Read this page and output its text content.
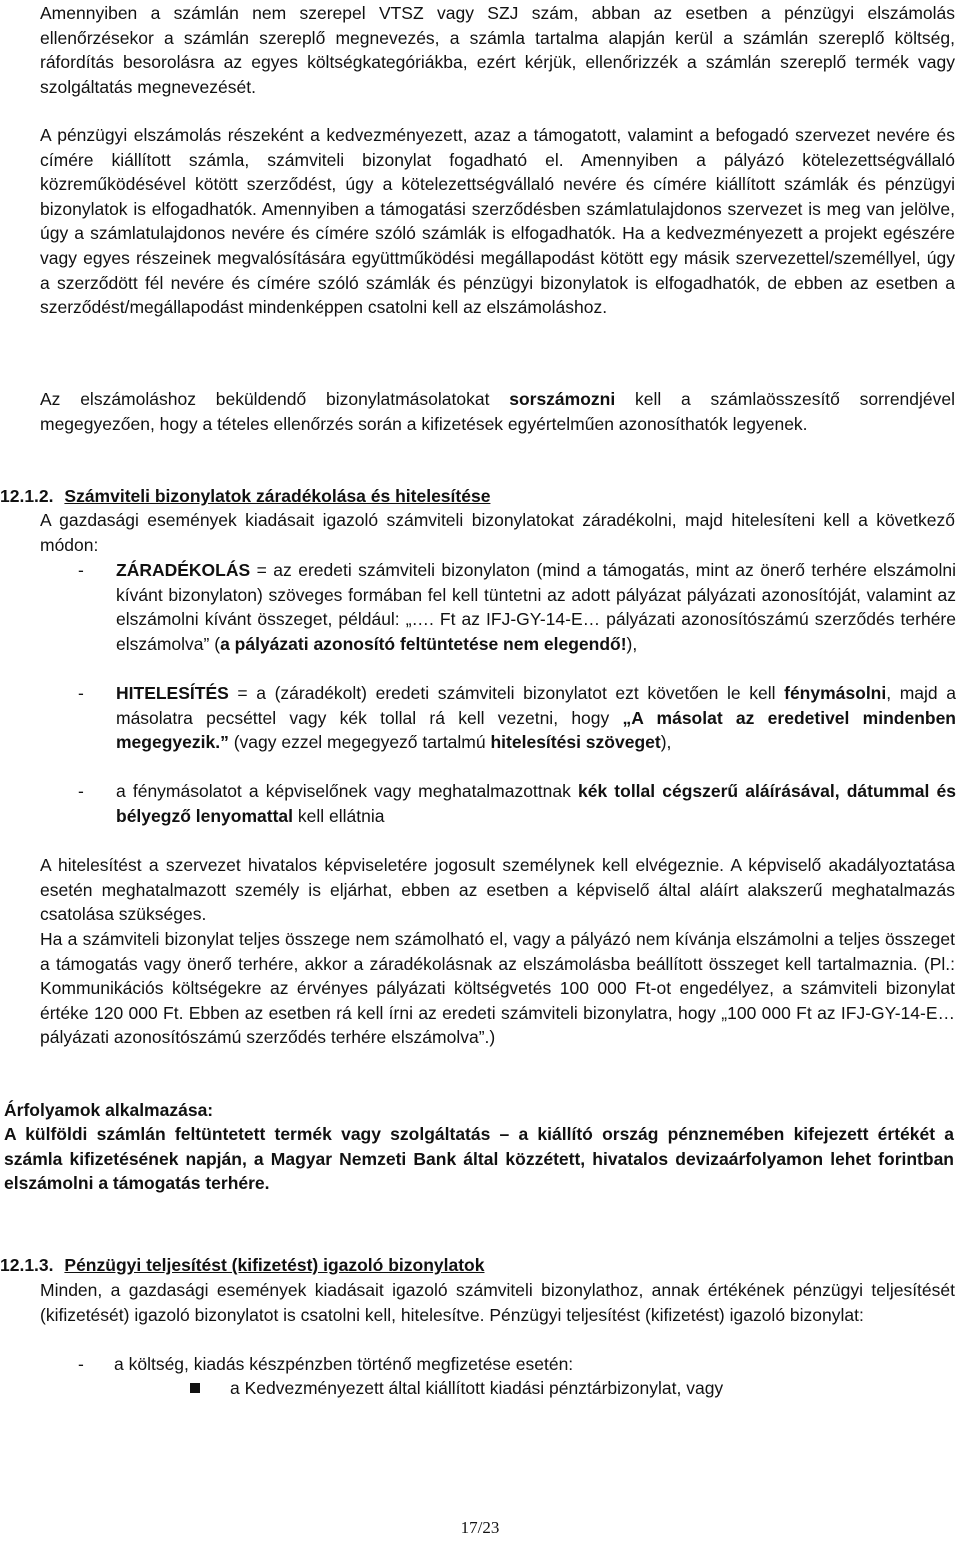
Amennyiben a számlán nem szerepel VTSZ vagy SZJ szám, abban az esetben a pénzügyi elszámolás ellenőrzésekor a számlán szereplő megnevezés, a számla tartalma alapján kerül a számlán szereplő költség, ráfordítás besorolásra az egyes költségkategóriákba, ezért kérjük, ellenőrizzék a számlán szereplő termék vagy szolgáltatás megnevezését.
A pénzügyi elszámolás részeként a kedvezményezett, azaz a támogatott, valamint a befogadó szervezet nevére és címére kiállított számla, számviteli bizonylat fogadható el. Amennyiben a pályázó kötelezettségvállaló közreműködésével kötött szerződést, úgy a kötelezettségvállaló nevére és címére kiállított számlák és pénzügyi bizonylatok is elfogadhatók. Amennyiben a támogatási szerződésben számlatulajdonos szervezet is meg van jelölve, úgy a számlatulajdonos nevére és címére szóló számlák is elfogadhatók. Ha a kedvezményezett a projekt egészére vagy egyes részeinek megvalósítására együttműködési megállapodást kötött egy másik szervezettel/személlyel, úgy a szerződött fél nevére és címére szóló számlák és pénzügyi bizonylatok is elfogadhatók, de ebben az esetben a szerződést/megállapodást mindenképpen csatolni kell az elszámoláshoz.
Az elszámoláshoz beküldendő bizonylatmásolatokat sorszámozni kell a számlaösszesítő sorrendjével megegyezően, hogy a tételes ellenőrzés során a kifizetések egyértelműen azonosíthatók legyenek.
12.1.2. Számviteli bizonylatok záradékolása és hitelesítése
A gazdasági események kiadásait igazoló számviteli bizonylatokat záradékolni, majd hitelesíteni kell a következő módon:
- ZÁRADÉKOLÁS = az eredeti számviteli bizonylaton (mind a támogatás, mint az önerő terhére elszámolni kívánt bizonylaton) szöveges formában fel kell tüntetni az adott pályázat pályázati azonosítóját, valamint az elszámolni kívánt összeget, például: „…. Ft az IFJ-GY-14-E… pályázati azonosítószámú szerződés terhére elszámolva” (a pályázati azonosító feltüntetése nem elegendő!),
- HITELESÍTÉS = a (záradékolt) eredeti számviteli bizonylatot ezt követően le kell fénymásolni, majd a másolatra pecséttel vagy kék tollal rá kell vezetni, hogy „A másolat az eredetivel mindenben megegyezik.” (vagy ezzel megegyező tartalmú hitelesítési szöveget),
- a fénymásolatot a képviselőnek vagy meghatalmazottnak kék tollal cégszerű aláírásával, dátummal és bélyegző lenyomattal kell ellátnia
A hitelesítést a szervezet hivatalos képviseletére jogosult személynek kell elvégeznie. A képviselő akadályoztatása esetén meghatalmazott személy is eljárhat, ebben az esetben a képviselő által aláírt alakszerű meghatalmazás csatolása szükséges.
Ha a számviteli bizonylat teljes összege nem számolható el, vagy a pályázó nem kívánja elszámolni a teljes összeget a támogatás vagy önerő terhére, akkor a záradékolásnak az elszámolásba beállított összeget kell tartalmaznia. (Pl.: Kommunikációs költségekre az érvényes pályázati költségvetés 100 000 Ft-ot engedélyez, a számviteli bizonylat értéke 120 000 Ft. Ebben az esetben rá kell írni az eredeti számviteli bizonylatra, hogy „100 000 Ft az IFJ-GY-14-E… pályázati azonosítószámú szerződés terhére elszámolva”.)
Árfolyamok alkalmazása:
A külföldi számlán feltüntetett termék vagy szolgáltatás – a kiállító ország pénznemében kifejezett értékét a számla kifizetésének napján, a Magyar Nemzeti Bank által közzétett, hivatalos devizaárfolyamon lehet forintban elszámolni a támogatás terhére.
12.1.3. Pénzügyi teljesítést (kifizetést) igazoló bizonylatok
Minden, a gazdasági események kiadásait igazoló számviteli bizonylathoz, annak értékének pénzügyi teljesítését (kifizetését) igazoló bizonylatot is csatolni kell, hitelesítve. Pénzügyi teljesítést (kifizetést) igazoló bizonylat:
- a költség, kiadás készpénzben történő megfizetése esetén:
a Kedvezményezett által kiállított kiadási pénztárbizonylat, vagy
17/23
